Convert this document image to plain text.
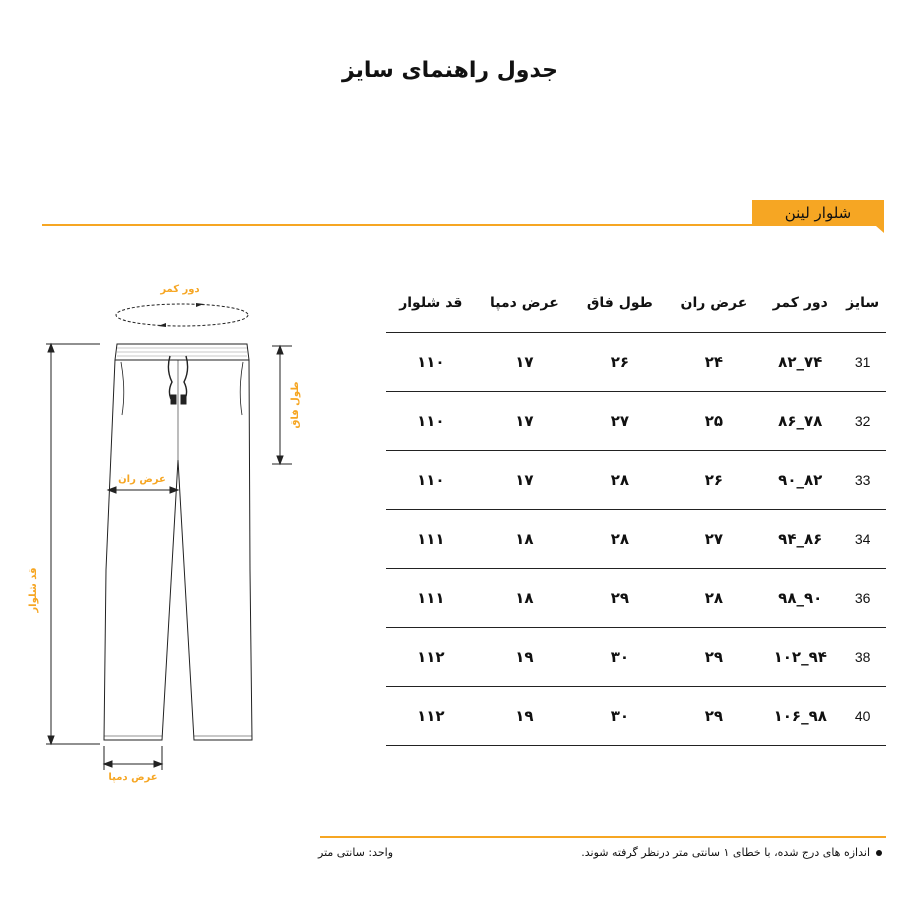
جدول راهنمای سایز
شلوار لینن
سایز	دور کمر	عرض ران	طول فاق	عرض دمپا	قد شلوار
31	۷۴_۸۲	۲۴	۲۶	۱۷	۱۱۰
32	۷۸_۸۶	۲۵	۲۷	۱۷	۱۱۰
33	۸۲_۹۰	۲۶	۲۸	۱۷	۱۱۰
34	۸۶_۹۴	۲۷	۲۸	۱۸	۱۱۱
36	۹۰_۹۸	۲۸	۲۹	۱۸	۱۱۱
38	۹۴_۱۰۲	۲۹	۳۰	۱۹	۱۱۲
40	۹۸_۱۰۶	۲۹	۳۰	۱۹	۱۱۲
دور کمر
قد شلوار
طول فاق
عرض ران
عرض دمپا
اندازه های درج شده، با خطای ۱ سانتی متر درنظر گرفته شوند.
واحد: سانتی متر
